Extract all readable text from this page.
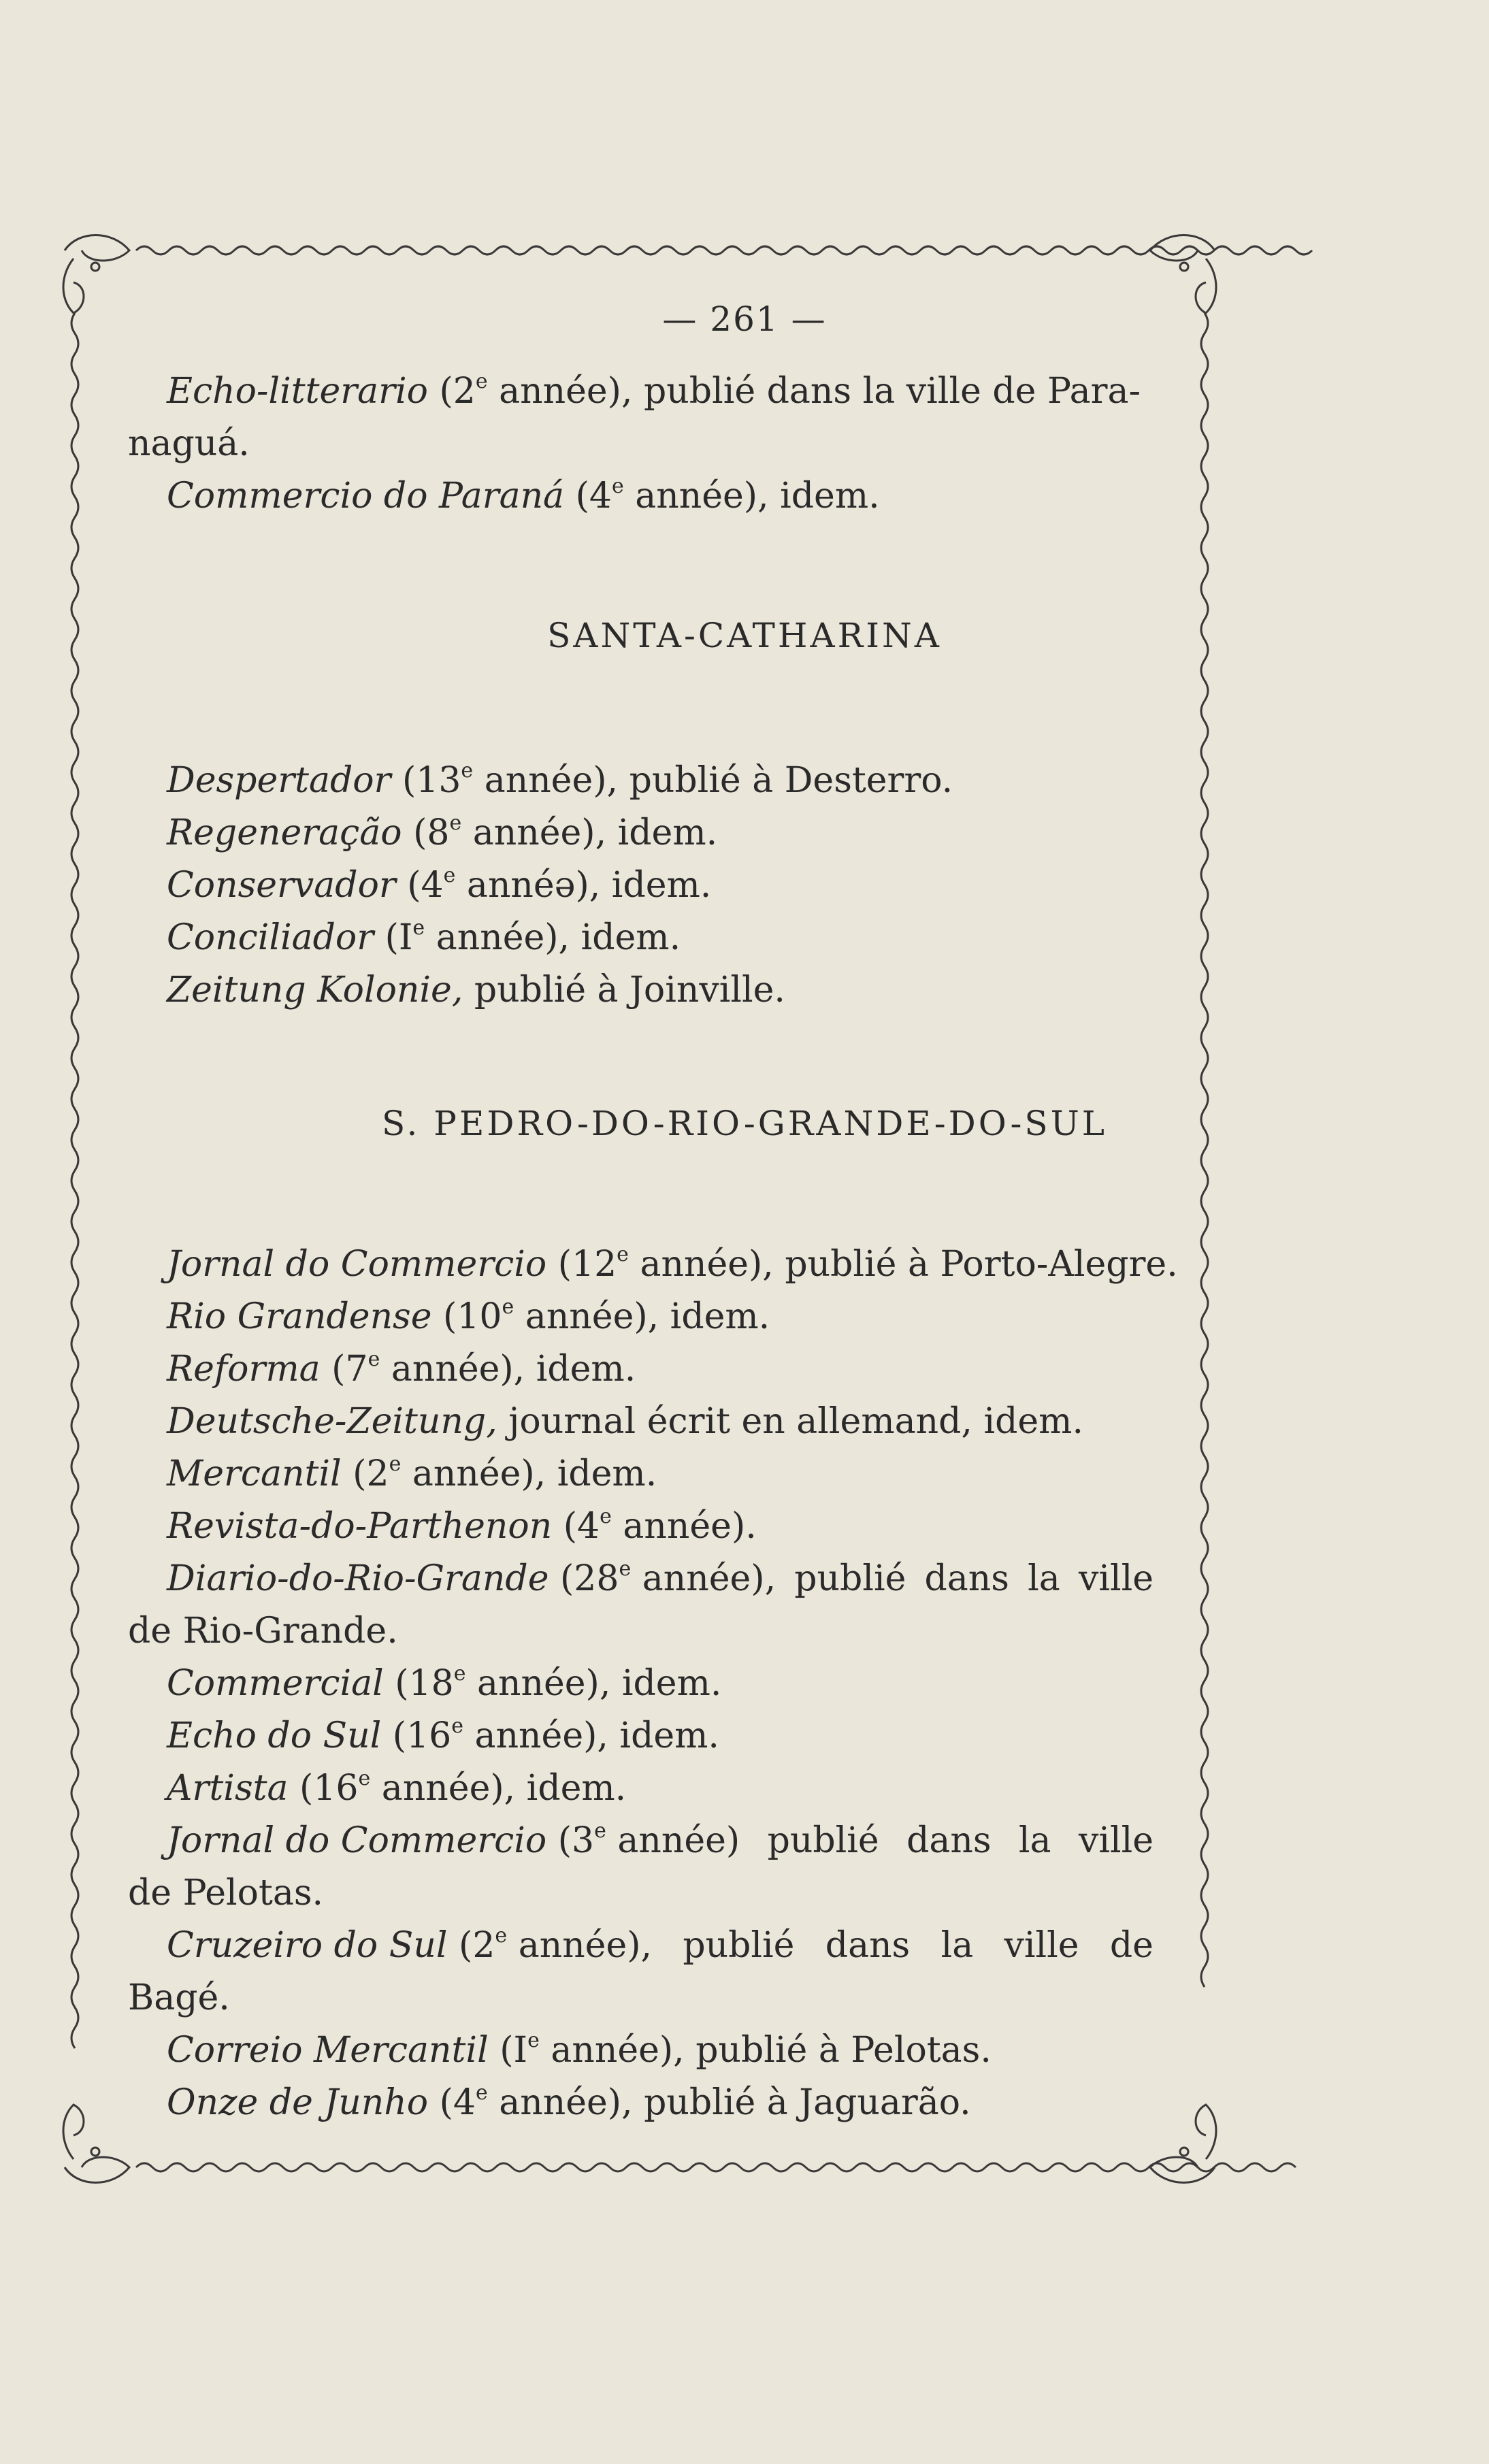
— 261 —
Echo-litterario (2e année), publié dans la ville de Para-
naguá.
Commercio do Paraná (4e année), idem.
SANTA-CATHARINA
Despertador (13e année), publié à Desterro.
Regeneração (8e année), idem.
Conservador (4e annéə), idem.
Conciliador (Ie année), idem.
Zeitung Kolonie, publié à Joinville.
S. PEDRO-DO-RIO-GRANDE-DO-SUL
Jornal do Commercio (12e année), publié à Porto-Alegre.
Rio Grandense (10e année), idem.
Reforma (7e année), idem.
Deutsche-Zeitung, journal écrit en allemand, idem.
Mercantil (2e année), idem.
Revista-do-Parthenon (4e année).
Diario-do-Rio-Grande (28e année), publié dans la ville
de Rio-Grande.
Commercial (18e année), idem.
Echo do Sul (16e année), idem.
Artista (16e année), idem.
Jornal do Commercio (3e année) publié dans la ville
de Pelotas.
Cruzeiro do Sul (2e année), publié dans la ville de
Bagé.
Correio Mercantil (Ie année), publié à Pelotas.
Onze de Junho (4e année), publié à Jaguarão.
